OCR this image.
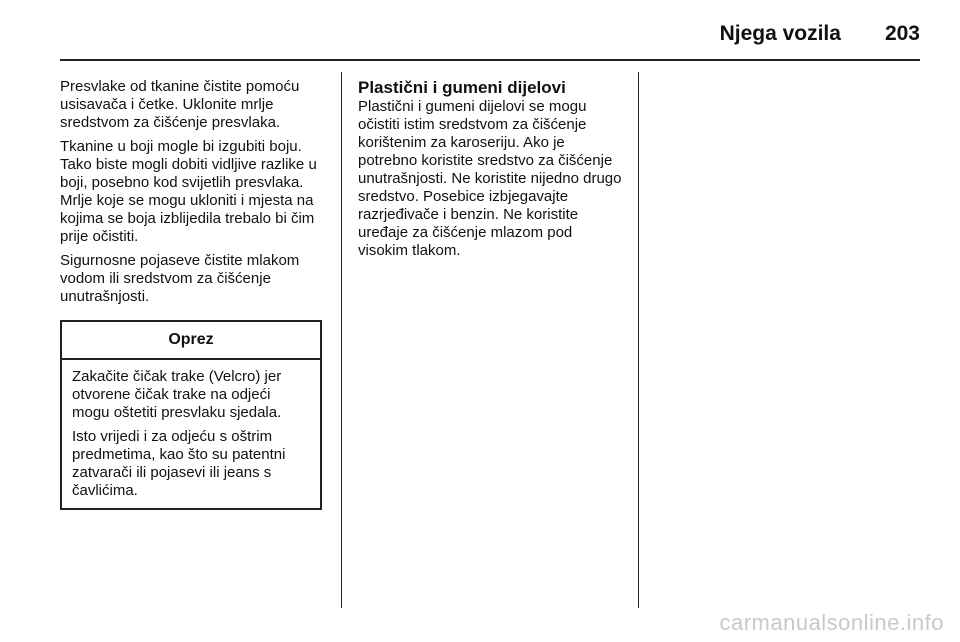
Njega vozila 203

Presvlake od tkanine čistite pomoću usisavača i četke. Uklonite mrlje sredstvom za čišćenje presvlaka.

Tkanine u boji mogle bi izgubiti boju. Tako biste mogli dobiti vidljive razlike u boji, posebno kod svijetlih presvlaka. Mrlje koje se mogu ukloniti i mjesta na kojima se boja izblijedila trebalo bi čim prije očistiti.

Sigurnosne pojaseve čistite mlakom vodom ili sredstvom za čišćenje unutrašnjosti.

Oprez

Zakačite čičak trake (Velcro) jer otvorene čičak trake na odjeći mogu oštetiti presvlaku sjedala.

Isto vrijedi i za odjeću s oštrim predmetima, kao što su patentni zatvarači ili pojasevi ili jeans s čavlićima.

Plastični i gumeni dijelovi

Plastični i gumeni dijelovi se mogu očistiti istim sredstvom za čišćenje korištenim za karoseriju. Ako je potrebno koristite sredstvo za čišćenje unutrašnjosti. Ne koristite nijedno drugo sredstvo. Posebice izbjegavajte razrjeđivače i benzin. Ne koristite uređaje za čišćenje mlazom pod visokim tlakom.

carmanualsonline.info
